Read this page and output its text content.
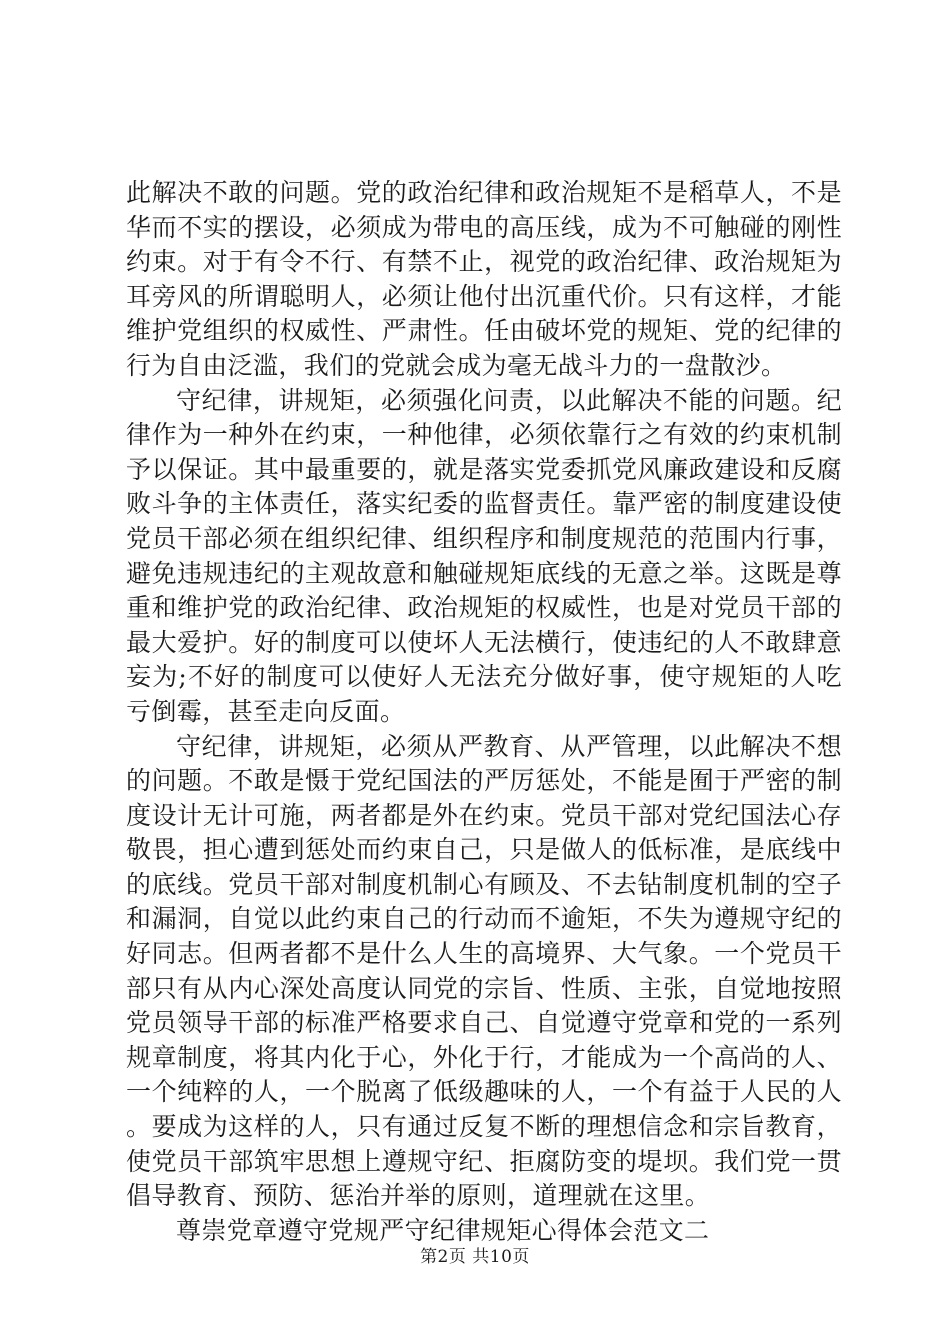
此解决不敢的问题。党的政治纪律和政治规矩不是稻草人，不是华而不实的摆设，必须成为带电的高压线，成为不可触碰的刚性约束。对于有令不行、有禁不止，视党的政治纪律、政治规矩为耳旁风的所谓聪明人，必须让他付出沉重代价。只有这样，才能维护党组织的权威性、严肃性。任由破坏党的规矩、党的纪律的行为自由泛滥，我们的党就会成为毫无战斗力的一盘散沙。

守纪律，讲规矩，必须强化问责，以此解决不能的问题。纪律作为一种外在约束，一种他律，必须依靠行之有效的约束机制予以保证。其中最重要的，就是落实党委抓党风廉政建设和反腐败斗争的主体责任，落实纪委的监督责任。靠严密的制度建设使党员干部必须在组织纪律、组织程序和制度规范的范围内行事，避免违规违纪的主观故意和触碰规矩底线的无意之举。这既是尊重和维护党的政治纪律、政治规矩的权威性，也是对党员干部的最大爱护。好的制度可以使坏人无法横行，使违纪的人不敢肆意妄为;不好的制度可以使好人无法充分做好事，使守规矩的人吃亏倒霉，甚至走向反面。

守纪律，讲规矩，必须从严教育、从严管理，以此解决不想的问题。不敢是慑于党纪国法的严厉惩处，不能是囿于严密的制度设计无计可施，两者都是外在约束。党员干部对党纪国法心存敬畏，担心遭到惩处而约束自己，只是做人的低标准，是底线中的底线。党员干部对制度机制心有顾及、不去钻制度机制的空子和漏洞，自觉以此约束自己的行动而不逾矩，不失为遵规守纪的好同志。但两者都不是什么人生的高境界、大气象。一个党员干部只有从内心深处高度认同党的宗旨、性质、主张，自觉地按照党员领导干部的标准严格要求自己、自觉遵守党章和党的一系列规章制度，将其内化于心，外化于行，才能成为一个高尚的人、一个纯粹的人，一个脱离了低级趣味的人，一个有益于人民的人。要成为这样的人，只有通过反复不断的理想信念和宗旨教育，使党员干部筑牢思想上遵规守纪、拒腐防变的堤坝。我们党一贯倡导教育、预防、惩治并举的原则，道理就在这里。

尊崇党章遵守党规严守纪律规矩心得体会范文二

第2页 共10页
